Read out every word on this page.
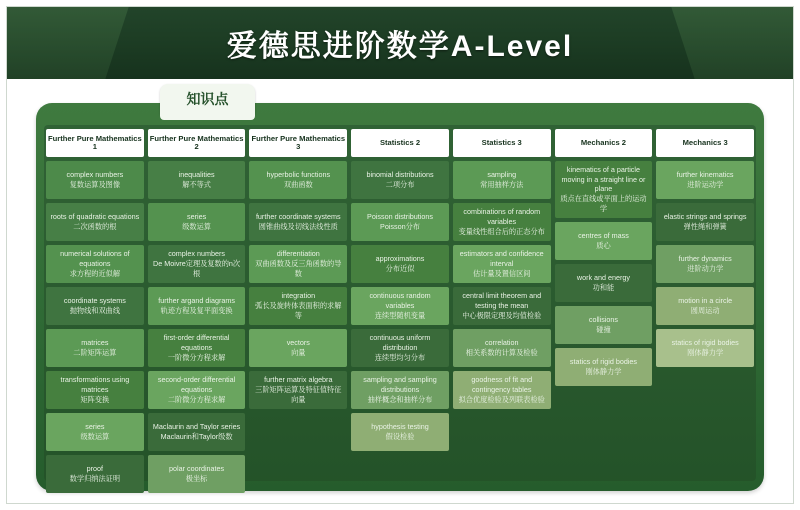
爱德思进阶数学A-Level
知识点
Further Pure Mathematics 1
complex numbers
复数运算及图像
roots of quadratic equations
二次函数的根
numerical solutions of equations
求方程的近似解
coordinate systems
抛物线和双曲线
matrices
二阶矩阵运算
transformations using matrices
矩阵变换
series
级数运算
proof
数学归纳法证明
Further Pure Mathematics 2
inequalities
解不等式
series
级数运算
complex numbers
De Moivre定理及复数的n次根
further argand diagrams
轨迹方程及复平面变换
first-order differential equations
一阶微分方程求解
second-order differential equations
二阶微分方程求解
Maclaurin and Taylor series
Maclaurin和Taylor级数
polar coordinates
极坐标
Further Pure Mathematics 3
hyperbolic functions
双曲函数
further coordinate systems
圆锥曲线及切线法线性质
differentiation
双曲函数及反三角函数的导数
integration
弧长及旋转体表面积的求解等
vectors
向量
further matrix algebra
三阶矩阵运算及特征值特征向量
Statistics 2
binomial distributions
二项分布
Poisson distributions
Poisson分布
approximations
分布近似
continuous random variables
连续型随机变量
continuous uniform distribution
连续型均匀分布
sampling and sampling distributions
抽样概念和抽样分布
hypothesis testing
假设检验
Statistics 3
sampling
常用抽样方法
combinations of random variables
变量线性组合后的正态分布
estimators and confidence interval
估计量及置信区间
central limit theorem and testing the mean
中心极限定理及均值检验
correlation
相关系数的计算及检验
goodness of fit and contingency tables
拟合优度检验及列联表检验
Mechanics 2
kinematics of a particle moving in a straight line or plane
质点在直线或平面上的运动学
centres of mass
质心
work and energy
功和能
collisions
碰撞
statics of rigid bodies
刚体静力学
Mechanics 3
further kinematics
进阶运动学
elastic strings and springs
弹性绳和弹簧
further dynamics
进阶动力学
motion in a circle
圆周运动
statics of rigid bodies
刚体静力学
